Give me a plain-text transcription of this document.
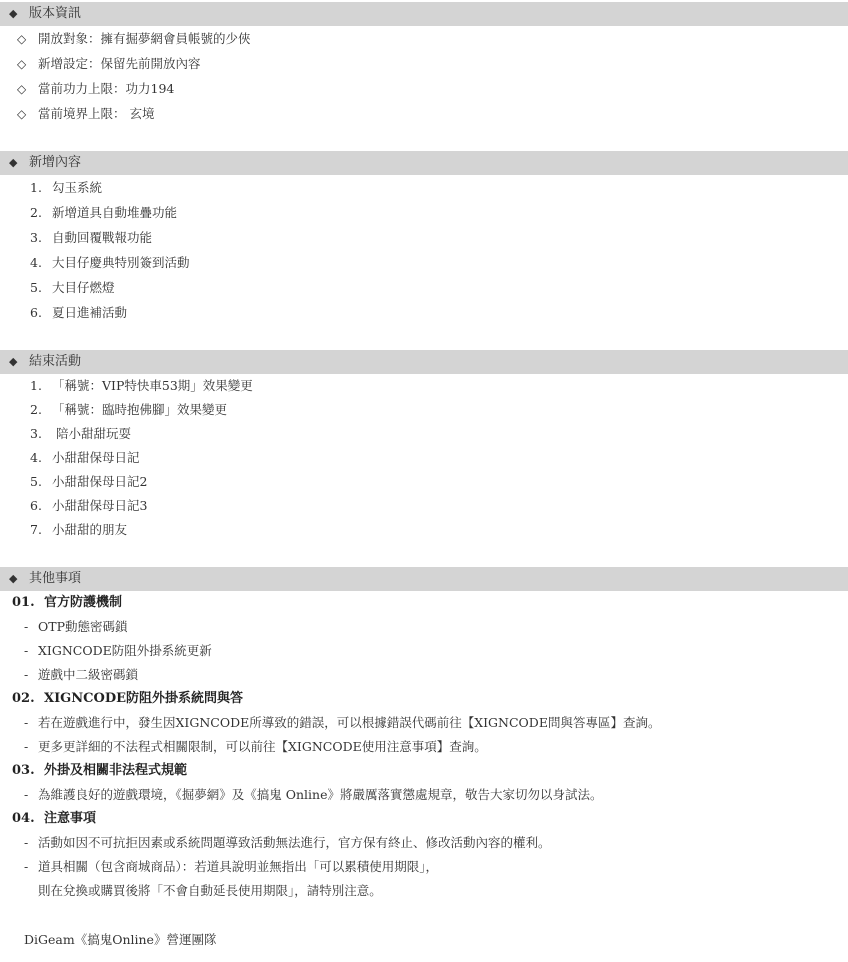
◆ 版本資訊
◇ 開放對象：擁有掘夢網會員帳號的少俠
◇ 新增設定：保留先前開放內容
◇ 當前功力上限：功力194
◇ 當前境界上限： 玄境
◆ 新增內容
1. 勾玉系統
2. 新增道具自動堆疊功能
3. 自動回覆戰報功能
4. 大目仔慶典特別簽到活動
5. 大目仔燃燈
6. 夏日進補活動
◆ 結束活動
1. 「稱號：VIP特快車53期」效果變更
2. 「稱號：臨時抱佛腳」效果變更
3. 陪小甜甜玩耍
4. 小甜甜保母日記
5. 小甜甜保母日記2
6. 小甜甜保母日記3
7. 小甜甜的朋友
◆ 其他事項
01. 官方防護機制
- OTP動態密碼鎖
- XIGNCODE防阻外掛系統更新
- 遊戲中二級密碼鎖
02. XIGNCODE防阻外掛系統問與答
- 若在遊戲進行中，發生因XIGNCODE所導致的錯誤，可以根據錯誤代碼前往【XIGNCODE問與答專區】查詢。
- 更多更詳細的不法程式相關限制，可以前往【XIGNCODE使用注意事項】查詢。
03. 外掛及相關非法程式規範
- 為維護良好的遊戲環境，《掘夢網》及《搞鬼 Online》將嚴厲落實懲處規章，敬告大家切勿以身試法。
04. 注意事項
- 活動如因不可抗拒因素或系統問題導致活動無法進行，官方保有終止、修改活動內容的權利。
- 道具相關（包含商城商品）：若道具說明並無指出「可以累積使用期限」，
則在兌換或購買後將「不會自動延長使用期限」，請特別注意。
DiGeam《搞鬼Online》營運團隊
